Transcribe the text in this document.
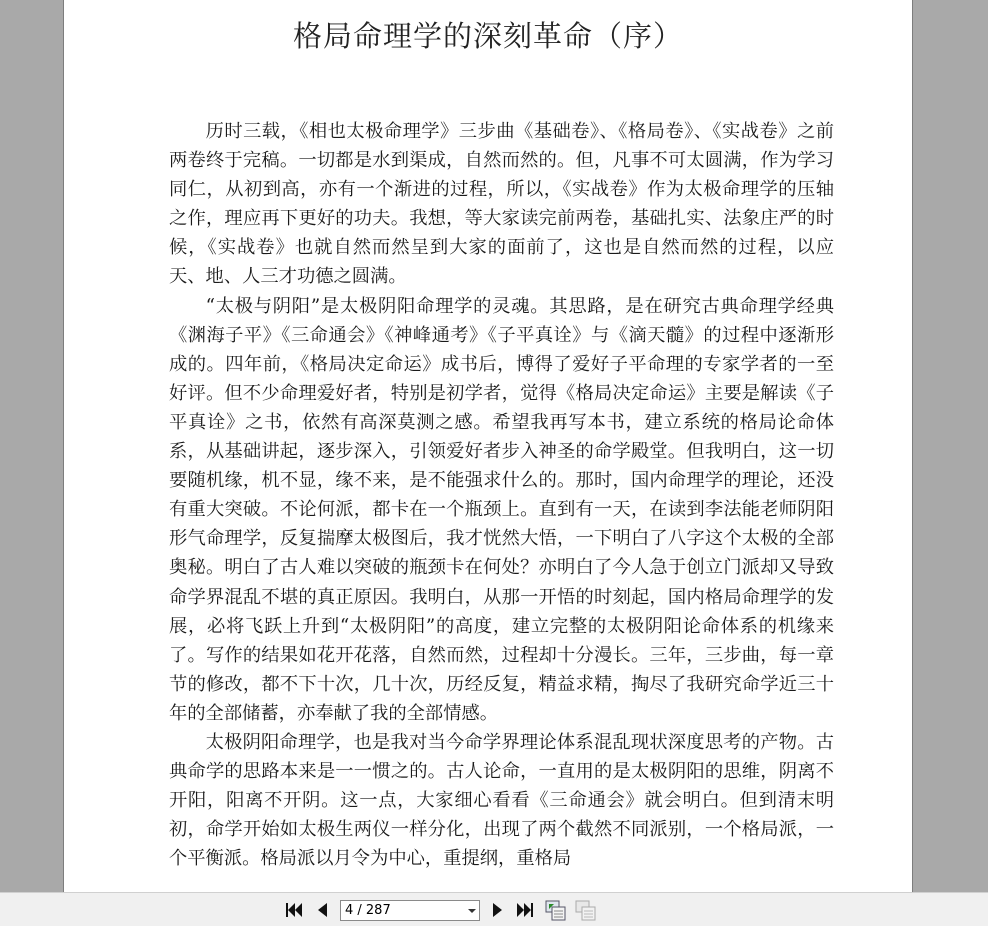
格局命理学的深刻革命（序）

历时三载，《相也太极命理学》三步曲《基础卷》、《格局卷》、《实战卷》之前两卷终于完稿。一切都是水到渠成，自然而然的。但，凡事不可太圆满，作为学习同仁，从初到高，亦有一个渐进的过程，所以，《实战卷》作为太极命理学的压轴之作，理应再下更好的功夫。我想，等大家读完前两卷，基础扎实、法象庄严的时候，《实战卷》也就自然而然呈到大家的面前了，这也是自然而然的过程，以应天、地、人三才功德之圆满。

“太极与阴阳”是太极阴阳命理学的灵魂。其思路，是在研究古典命理学经典《渊海子平》《三命通会》《神峰通考》《子平真诠》与《滴天髓》的过程中逐渐形成的。四年前，《格局决定命运》成书后，博得了爱好子平命理的专家学者的一至好评。但不少命理爱好者，特别是初学者，觉得《格局决定命运》主要是解读《子平真诠》之书，依然有高深莫测之感。希望我再写本书，建立系统的格局论命体系，从基础讲起，逐步深入，引领爱好者步入神圣的命学殿堂。但我明白，这一切要随机缘，机不显，缘不来，是不能强求什么的。那时，国内命理学的理论，还没有重大突破。不论何派，都卡在一个瓶颈上。直到有一天，在读到李法能老师阴阳形气命理学，反复揣摩太极图后，我才恍然大悟，一下明白了八字这个太极的全部奥秘。明白了古人难以突破的瓶颈卡在何处？亦明白了今人急于创立门派却又导致命学界混乱不堪的真正原因。我明白，从那一开悟的时刻起，国内格局命理学的发展，必将飞跃上升到“太极阴阳”的高度，建立完整的太极阴阳论命体系的机缘来了。写作的结果如花开花落，自然而然，过程却十分漫长。三年，三步曲，每一章节的修改，都不下十次，几十次，历经反复，精益求精，掏尽了我研究命学近三十年的全部储蓄，亦奉献了我的全部情感。

太极阴阳命理学，也是我对当今命学界理论体系混乱现状深度思考的产物。古典命学的思路本来是一一惯之的。古人论命，一直用的是太极阴阳的思维，阴离不开阳，阳离不开阴。这一点，大家细心看看《三命通会》就会明白。但到清末明初，命学开始如太极生两仪一样分化，出现了两个截然不同派别，一个格局派，一个平衡派。格局派以月令为中心，重提纲，重格局

4 / 287
